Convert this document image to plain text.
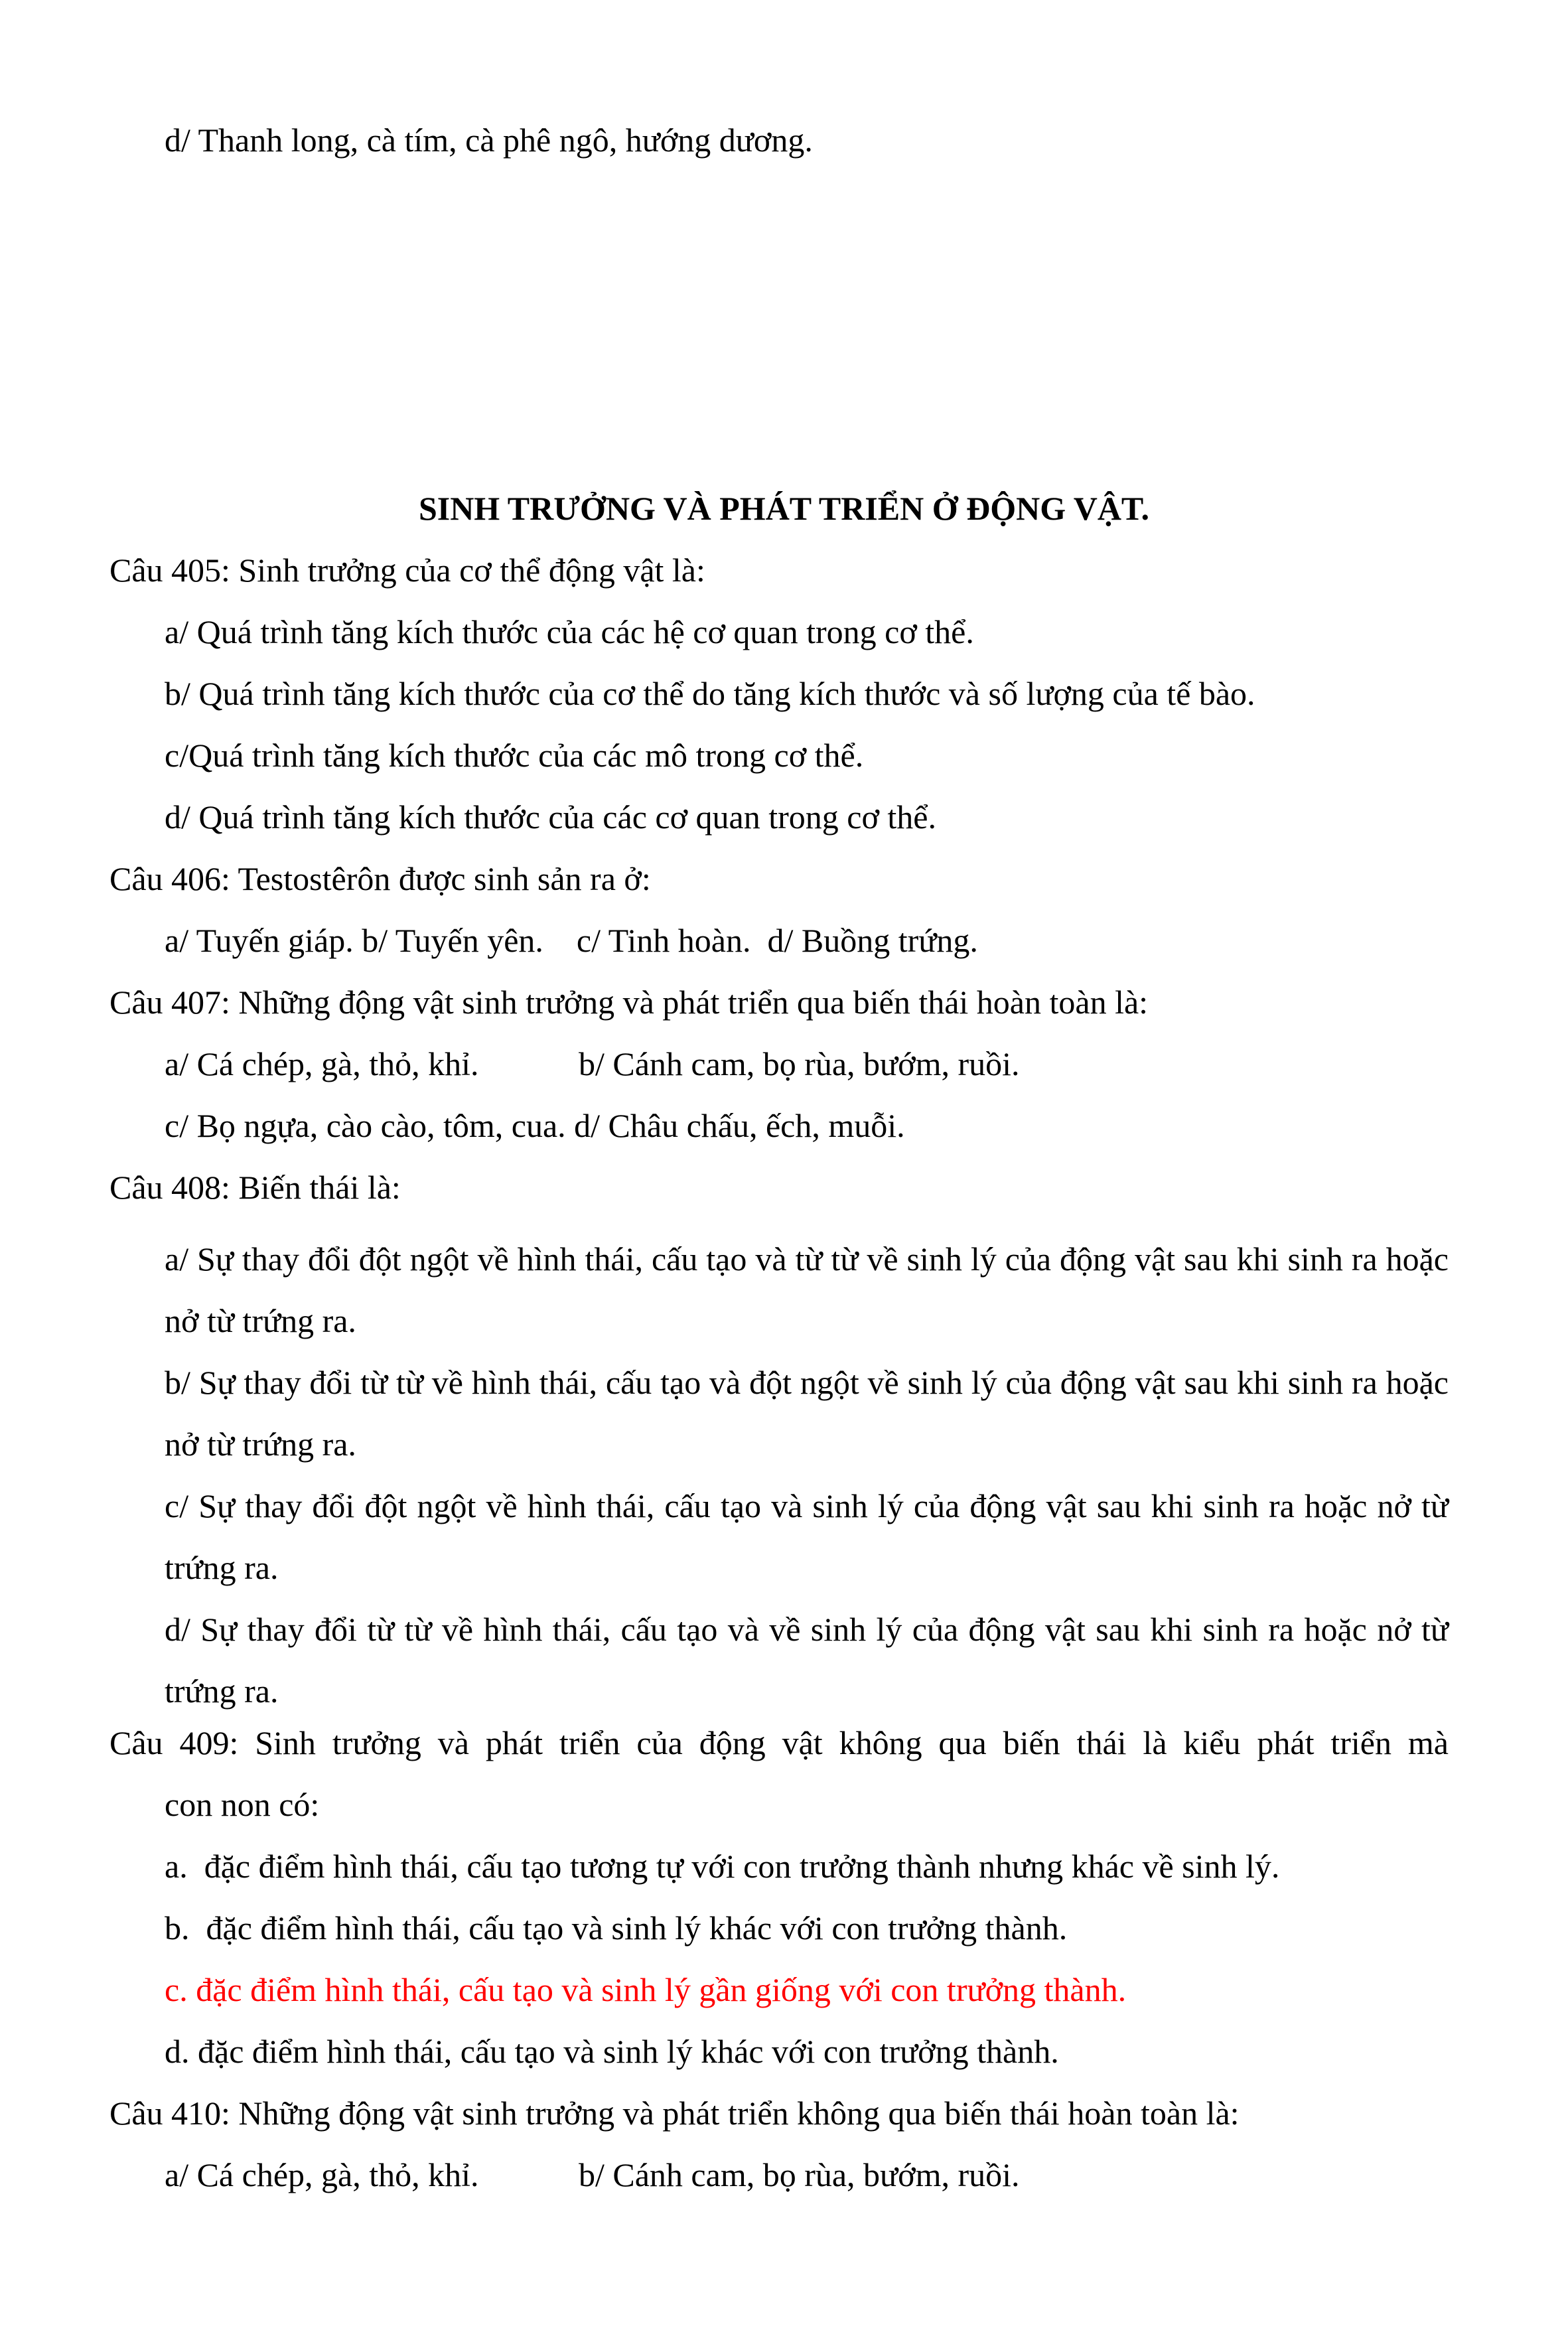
d/ Thanh long, cà tím, cà phê ngô, hướng dương.
SINH TRƯỞNG VÀ PHÁT TRIỂN Ở ĐỘNG VẬT.
Câu 405: Sinh trưởng của cơ thể động vật là:
a/ Quá trình tăng kích thước của các hệ cơ quan trong cơ thể.
b/ Quá trình tăng kích thước của cơ thể do tăng kích thước và số lượng của tế bào.
c/Quá trình tăng kích thước của các mô trong cơ thể.
d/ Quá trình tăng kích thước của các cơ quan trong cơ thể.
Câu 406: Testostêrôn được sinh sản ra ở:
a/ Tuyến giáp. b/ Tuyến yên.    c/ Tinh hoàn.  d/ Buồng trứng.
Câu 407: Những động vật sinh trưởng và phát triển qua biến thái hoàn toàn là:
a/ Cá chép, gà, thỏ, khỉ.	b/ Cánh cam, bọ rùa, bướm, ruồi.
c/ Bọ ngựa, cào cào, tôm, cua. d/ Châu chấu, ếch, muỗi.
Câu 408: Biến thái là:
a/ Sự thay đổi đột ngột về hình thái, cấu tạo và từ từ về sinh lý của động vật sau khi sinh ra hoặc nở từ trứng ra.
b/ Sự thay đổi từ từ về hình thái, cấu tạo và đột ngột về sinh lý của động vật sau khi sinh ra hoặc nở từ trứng ra.
c/ Sự thay đổi đột ngột về hình thái, cấu tạo và sinh lý của động vật sau khi sinh ra hoặc nở từ trứng ra.
d/ Sự thay đổi từ từ về hình thái, cấu tạo và về sinh lý của động vật sau khi sinh ra hoặc nở từ trứng ra.
Câu 409: Sinh trưởng và phát triển của động vật không qua biến thái là kiểu phát triển mà
con non có:
a.  đặc điểm hình thái, cấu tạo tương tự với con trưởng thành nhưng khác về sinh lý.
b.  đặc điểm hình thái, cấu tạo và sinh lý khác với con trưởng thành.
c. đặc điểm hình thái, cấu tạo và sinh lý gần giống với con trưởng thành.
d. đặc điểm hình thái, cấu tạo và sinh lý khác với con trưởng thành.
Câu 410: Những động vật sinh trưởng và phát triển không qua biến thái hoàn toàn là:
a/ Cá chép, gà, thỏ, khỉ.	b/ Cánh cam, bọ rùa, bướm, ruồi.
